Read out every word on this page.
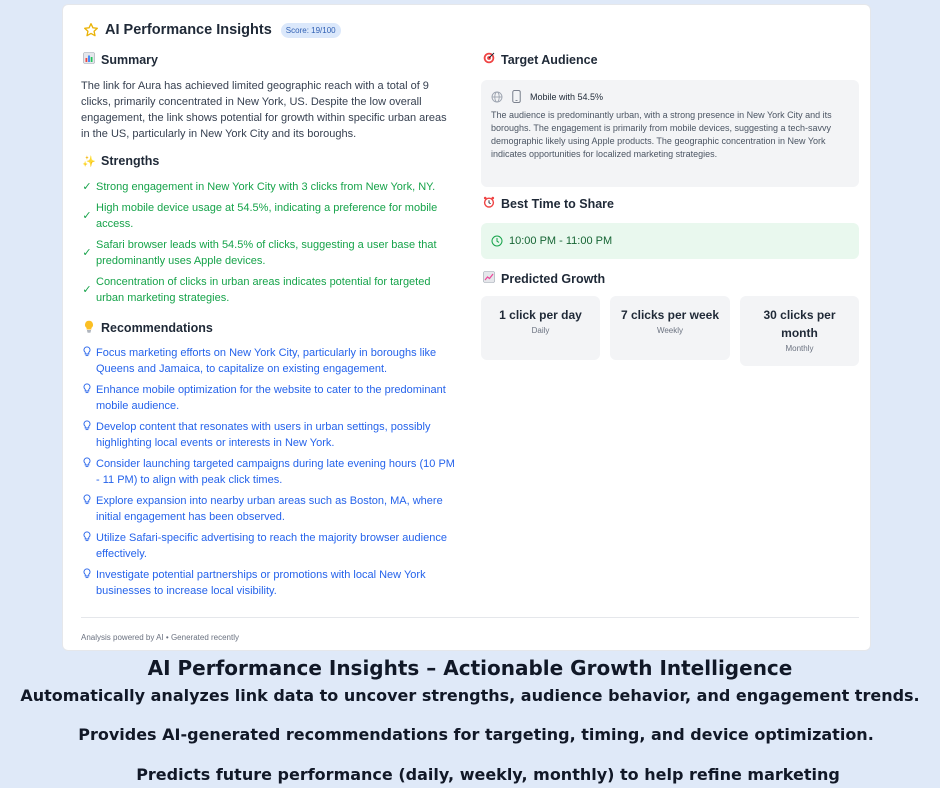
AI Performance Insights	Score: 19/100
Summary

The link for Aura has achieved limited geographic reach with a total of 9 clicks, primarily concentrated in New York, US. Despite the low overall engagement, the link shows potential for growth within specific urban areas in the US, particularly in New York City and its boroughs.

✨ Strengths
✓ Strong engagement in New York City with 3 clicks from New York, NY.
✓
High mobile device usage at 54.5%, indicating a preference for mobile access.
✓
Safari browser leads with 54.5% of clicks, suggesting a user base that predominantly uses Apple devices.
✓
Concentration of clicks in urban areas indicates potential for targeted urban marketing strategies.
Recommendations
Focus marketing efforts on New York City, particularly in boroughs like Queens and Jamaica, to capitalize on existing engagement.
Enhance mobile optimization for the website to cater to the predominant mobile audience.
Develop content that resonates with users in urban settings, possibly highlighting local events or interests in New York.
Consider launching targeted campaigns during late evening hours (10 PM - 11 PM) to align with peak click times.
Explore expansion into nearby urban areas such as Boston, MA, where initial engagement has been observed.
Utilize Safari-specific advertising to reach the majority browser audience effectively.
Investigate potential partnerships or promotions with local New York businesses to increase local visibility.
Target Audience
Mobile with 54.5%

The audience is predominantly urban, with a strong presence in New York City and its boroughs. The engagement is primarily from mobile devices, suggesting a tech-savvy demographic likely using Apple products. The geographic concentration in New York indicates opportunities for localized marketing strategies.

Best Time to Share
10:00 PM - 11:00 PM
Predicted Growth
1 click per day
Daily
7 clicks per week
Weekly
30 clicks per month
Monthly
Analysis powered by AI • Generated recently
AI Performance Insights – Actionable Growth Intelligence
Automatically analyzes link data to uncover strengths, audience behavior, and engagement trends.
Provides AI-generated recommendations for targeting, timing, and device optimization.
Predicts future performance (daily, weekly, monthly) to help refine marketing
